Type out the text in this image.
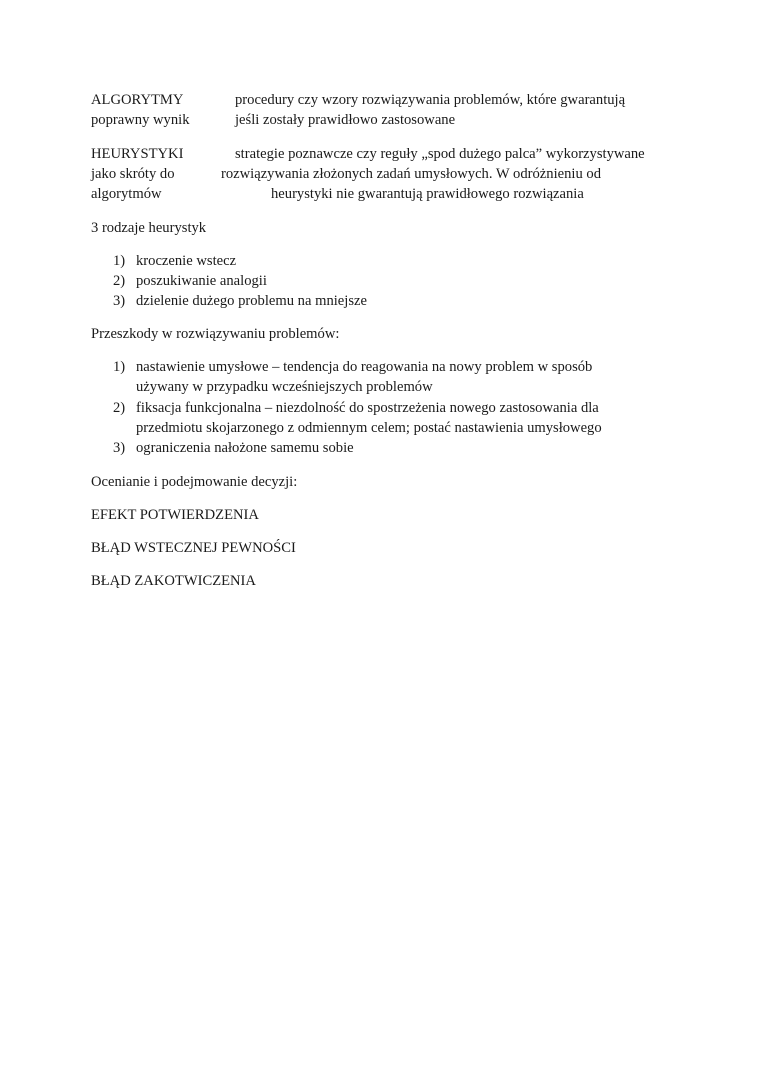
ALGORYTMY
poprawny wynik
procedury czy wzory rozwiązywania problemów, które gwarantują
jeśli zostały prawidłowo zastosowane
HEURYSTYKI
jako skróty do
algorytmów
strategie poznawcze czy reguły „spod dużego palca” wykorzystywane
rozwiązywania złożonych zadań umysłowych. W odróżnieniu od
heurystyki nie gwarantują prawidłowego rozwiązania
3 rodzaje heurystyk
1) kroczenie wstecz
2) poszukiwanie analogii
3) dzielenie dużego problemu na mniejsze
Przeszkody w rozwiązywaniu problemów:
1) nastawienie umysłowe – tendencja do reagowania na nowy problem w sposób
używany w przypadku wcześniejszych problemów
2) fiksacja funkcjonalna – niezdolność do spostrzeżenia nowego zastosowania dla
przedmiotu skojarzonego z odmiennym celem; postać nastawienia umysłowego
3) ograniczenia nałożone samemu sobie
Ocenianie i podejmowanie decyzji:
EFEKT POTWIERDZENIA
BŁĄD WSTECZNEJ PEWNOŚCI
BŁĄD ZAKOTWICZENIA
